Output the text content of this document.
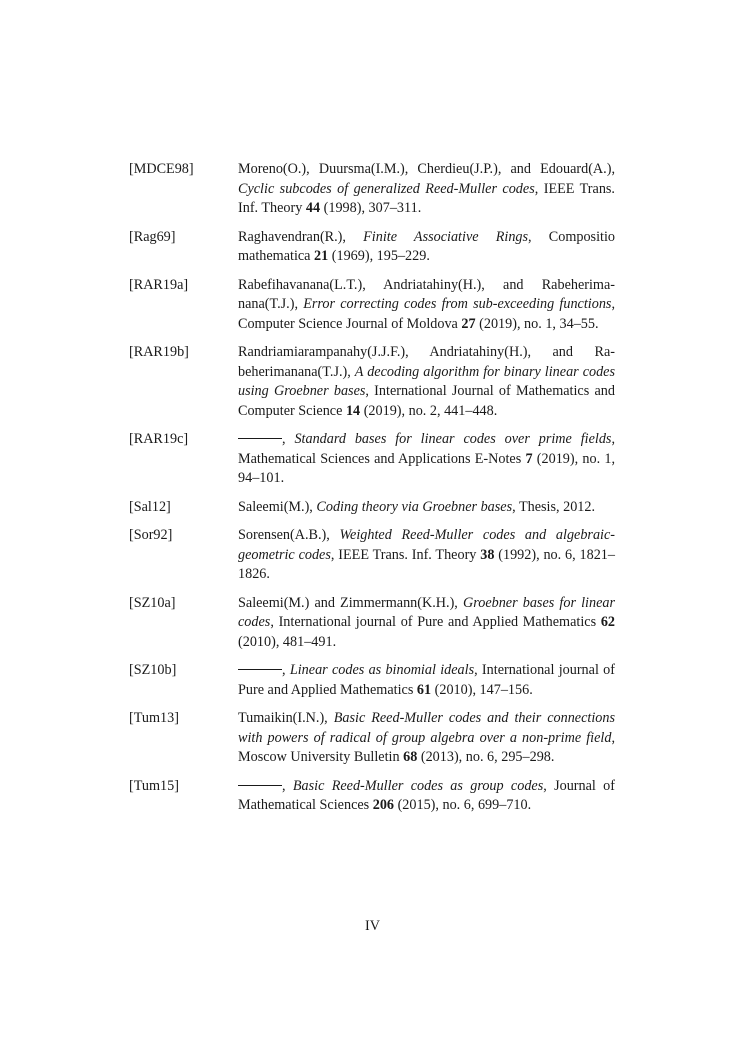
[MDCE98]	Moreno(O.), Duursma(I.M.), Cherdieu(J.P.), and Edouard(A.), Cyclic subcodes of generalized Reed-Muller codes, IEEE Trans. Inf. Theory 44 (1998), 307–311.
[Rag69]	Raghavendran(R.), Finite Associative Rings, Compositio mathematica 21 (1969), 195–229.
[RAR19a]	Rabefihavanana(L.T.), Andriatahiny(H.), and Rabeherimanana(T.J.), Error correcting codes from sub-exceeding functions, Computer Science Journal of Moldova 27 (2019), no. 1, 34–55.
[RAR19b]	Randriamiarampanahy(J.J.F.), Andriatahiny(H.), and Rabeherimanana(T.J.), A decoding algorithm for binary linear codes using Groebner bases, International Journal of Mathematics and Computer Science 14 (2019), no. 2, 441–448.
[RAR19c]	, Standard bases for linear codes over prime fields, Mathematical Sciences and Applications E-Notes 7 (2019), no. 1, 94–101.
[Sal12]	Saleemi(M.), Coding theory via Groebner bases, Thesis, 2012.
[Sor92]	Sorensen(A.B.), Weighted Reed-Muller codes and algebraic-geometric codes, IEEE Trans. Inf. Theory 38 (1992), no. 6, 1821–1826.
[SZ10a]	Saleemi(M.) and Zimmermann(K.H.), Groebner bases for linear codes, International journal of Pure and Applied Mathematics 62 (2010), 481–491.
[SZ10b]	, Linear codes as binomial ideals, International journal of Pure and Applied Mathematics 61 (2010), 147–156.
[Tum13]	Tumaikin(I.N.), Basic Reed-Muller codes and their connections with powers of radical of group algebra over a non-prime field, Moscow University Bulletin 68 (2013), no. 6, 295–298.
[Tum15]	, Basic Reed-Muller codes as group codes, Journal of Mathematical Sciences 206 (2015), no. 6, 699–710.
IV
